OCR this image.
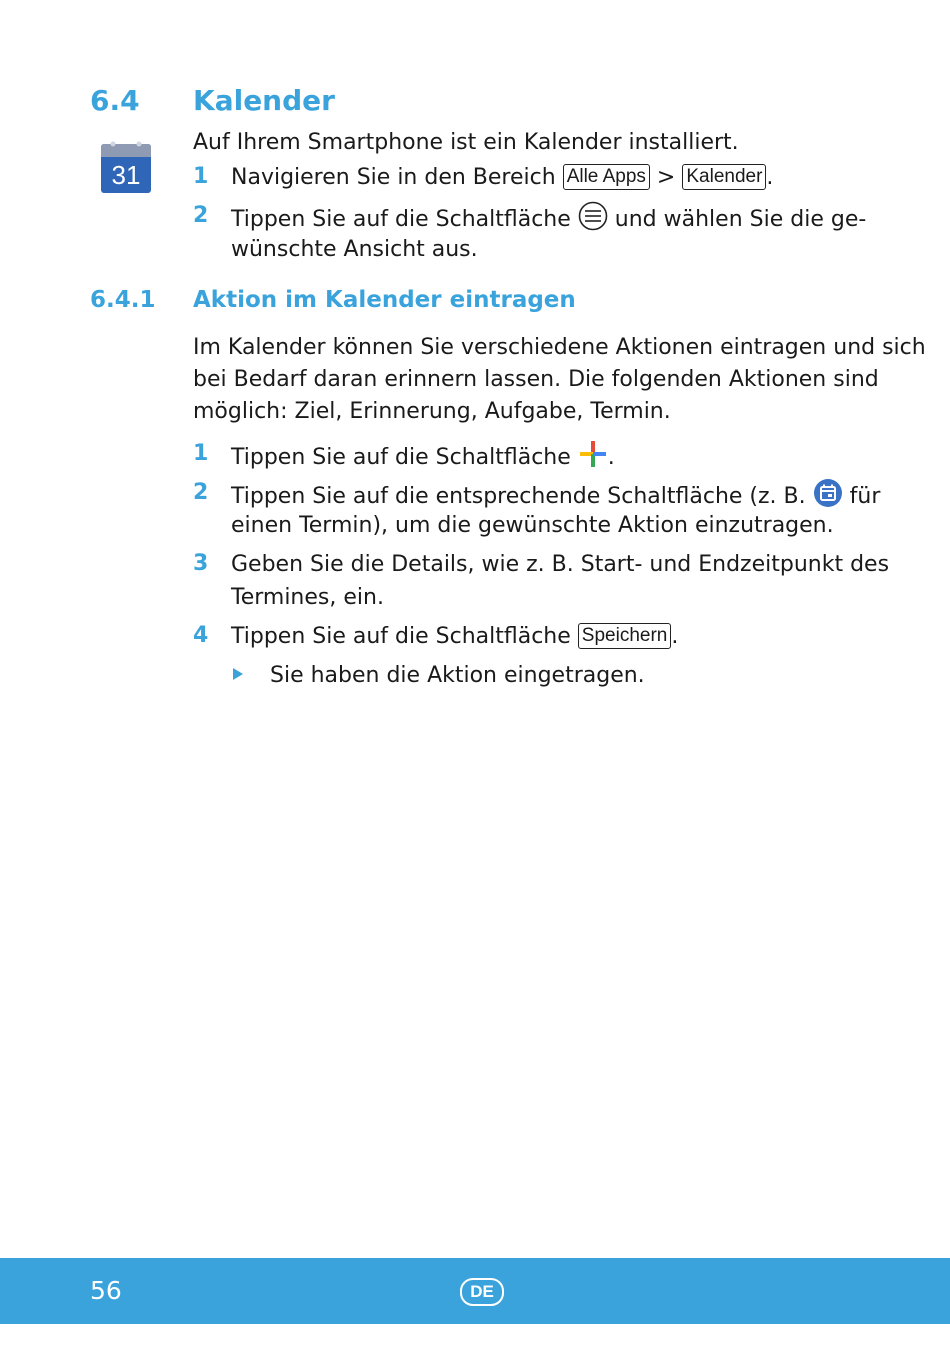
6.4 Kalender
31
Auf Ihrem Smartphone ist ein Kalender installiert.
1 Navigieren Sie in den Bereich Alle Apps > Kalender .
2 Tippen Sie auf die Schaltfläche und wählen Sie die ge-
wünschte Ansicht aus.
6.4.1 Aktion im Kalender eintragen
Im Kalender können Sie verschiedene Aktionen eintragen und sich
bei Bedarf daran erinnern lassen. Die folgenden Aktionen sind
möglich: Ziel, Erinnerung, Aufgabe, Termin.
1 Tippen Sie auf die Schaltfläche .
2 Tippen Sie auf die entsprechende Schaltfläche (z. B. für
einen Termin), um die gewünschte Aktion einzutragen.
3 Geben Sie die Details, wie z. B. Start- und Endzeitpunkt des
Termines, ein.
4 Tippen Sie auf die Schaltfläche Speichern .
Sie haben die Aktion eingetragen.
56	DE
